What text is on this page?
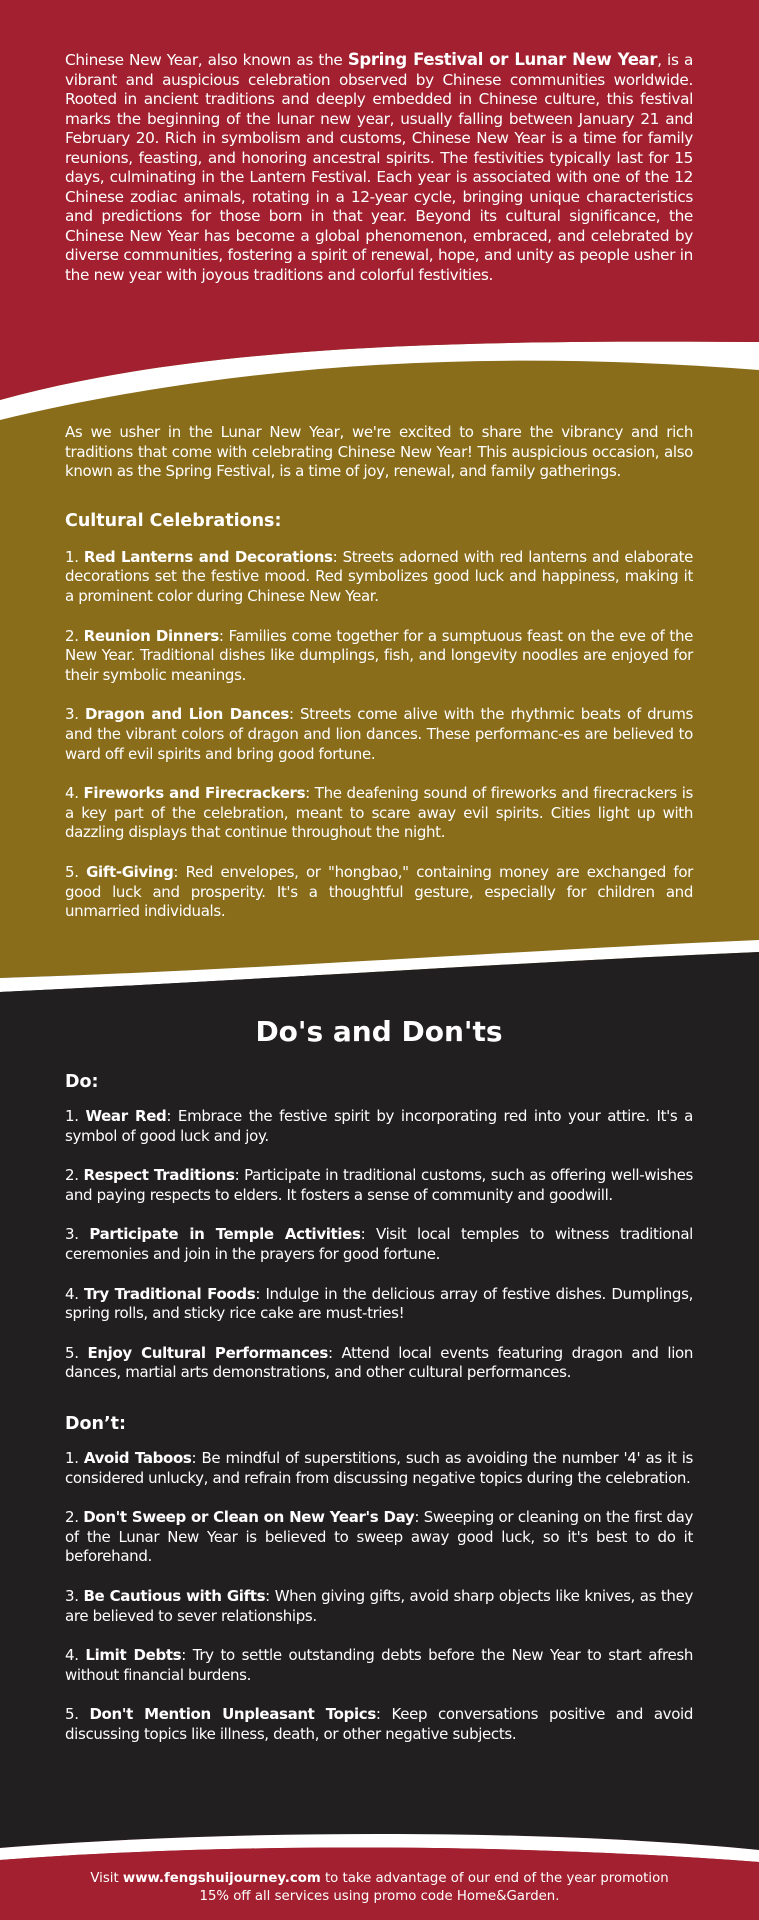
Chinese New Year, also known as the Spring Festival or Lunar New Year, is a vibrant and auspicious celebration observed by Chinese communities worldwide. Rooted in ancient traditions and deeply embedded in Chinese culture, this festival marks the beginning of the lunar new year, usually falling between January 21 and February 20. Rich in symbolism and customs, Chinese New Year is a time for family reunions, feasting, and honoring ancestral spirits. The festivities typically last for 15 days, culminating in the Lantern Festival. Each year is associated with one of the 12 Chinese zodiac animals, rotating in a 12-year cycle, bringing unique characteristics and predictions for those born in that year. Beyond its cultural significance, the Chinese New Year has become a global phenomenon, embraced, and celebrated by diverse communities, fostering a spirit of renewal, hope, and unity as people usher in the new year with joyous traditions and colorful festivities.

As we usher in the Lunar New Year, we're excited to share the vibrancy and rich traditions that come with celebrating Chinese New Year! This auspicious occasion, also known as the Spring Festival, is a time of joy, renewal, and family gatherings.

Cultural Celebrations:

1. Red Lanterns and Decorations: Streets adorned with red lanterns and elaborate decorations set the festive mood. Red symbolizes good luck and happiness, making it a prominent color during Chinese New Year.

2. Reunion Dinners: Families come together for a sumptuous feast on the eve of the New Year. Traditional dishes like dumplings, fish, and longevity noodles are enjoyed for their symbolic meanings.

3. Dragon and Lion Dances: Streets come alive with the rhythmic beats of drums and the vibrant colors of dragon and lion dances. These performanc-es are believed to ward off evil spirits and bring good fortune.

4. Fireworks and Firecrackers: The deafening sound of fireworks and firecrackers is a key part of the celebration, meant to scare away evil spirits. Cities light up with dazzling displays that continue throughout the night.

5. Gift-Giving: Red envelopes, or "hongbao," containing money are exchanged for good luck and prosperity. It's a thoughtful gesture, especially for children and unmarried individuals.

Do's and Don'ts
Do:

1. Wear Red: Embrace the festive spirit by incorporating red into your attire. It's a symbol of good luck and joy.

2. Respect Traditions: Participate in traditional customs, such as offering well-wishes and paying respects to elders. It fosters a sense of community and goodwill.

3. Participate in Temple Activities: Visit local temples to witness traditional ceremonies and join in the prayers for good fortune.

4. Try Traditional Foods: Indulge in the delicious array of festive dishes. Dumplings, spring rolls, and sticky rice cake are must-tries!

5. Enjoy Cultural Performances: Attend local events featuring dragon and lion dances, martial arts demonstrations, and other cultural performances.

Don’t:

1. Avoid Taboos: Be mindful of superstitions, such as avoiding the number '4' as it is considered unlucky, and refrain from discussing negative topics during the celebration.

2. Don't Sweep or Clean on New Year's Day: Sweeping or cleaning on the first day of the Lunar New Year is believed to sweep away good luck, so it's best to do it beforehand.

3. Be Cautious with Gifts: When giving gifts, avoid sharp objects like knives, as they are believed to sever relationships.

4. Limit Debts: Try to settle outstanding debts before the New Year to start afresh without financial burdens.

5. Don't Mention Unpleasant Topics: Keep conversations positive and avoid discussing topics like illness, death, or other negative subjects.

Visit www.fengshuijourney.com to take advantage of our end of the year promotion
15% off all services using promo code Home&Garden.
